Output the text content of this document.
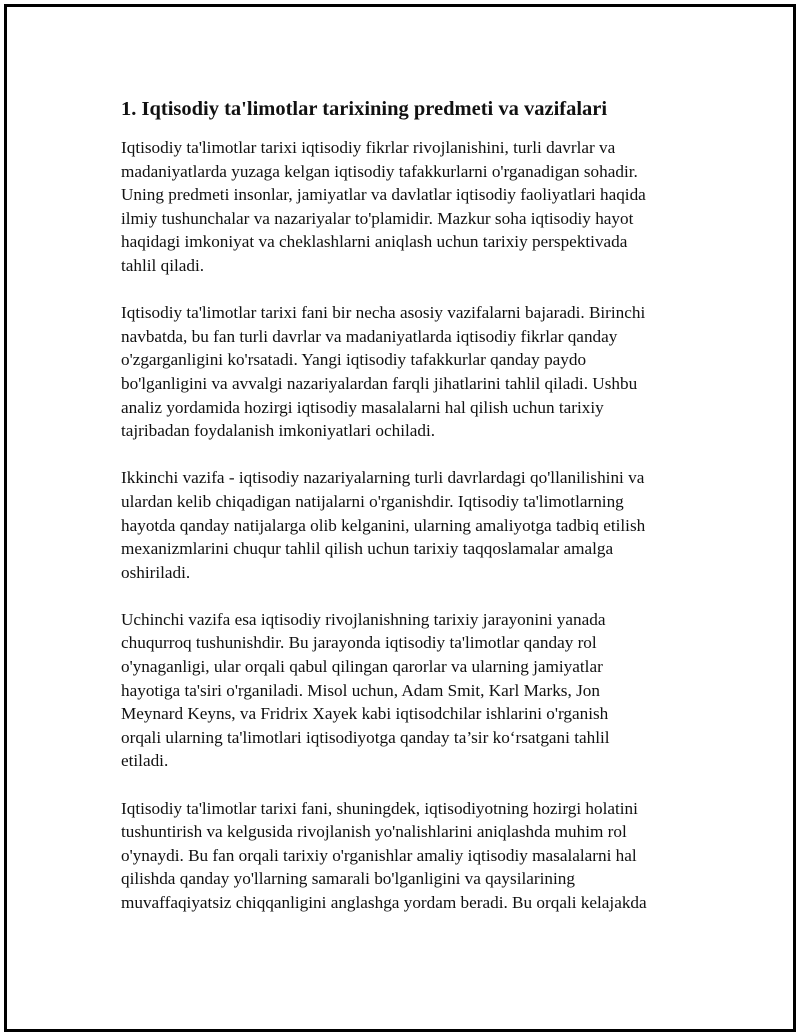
1. Iqtisodiy ta'limotlar tarixining predmeti va vazifalari

Iqtisodiy ta'limotlar tarixi iqtisodiy fikrlar rivojlanishini, turli davrlar va
madaniyatlarda yuzaga kelgan iqtisodiy tafakkurlarni o'rganadigan sohadir.
Uning predmeti insonlar, jamiyatlar va davlatlar iqtisodiy faoliyatlari haqida
ilmiy tushunchalar va nazariyalar to'plamidir. Mazkur soha iqtisodiy hayot
haqidagi imkoniyat va cheklashlarni aniqlash uchun tarixiy perspektivada
tahlil qiladi.

Iqtisodiy ta'limotlar tarixi fani bir necha asosiy vazifalarni bajaradi. Birinchi
navbatda, bu fan turli davrlar va madaniyatlarda iqtisodiy fikrlar qanday
o'zgarganligini ko'rsatadi. Yangi iqtisodiy tafakkurlar qanday paydo
bo'lganligini va avvalgi nazariyalardan farqli jihatlarini tahlil qiladi. Ushbu
analiz yordamida hozirgi iqtisodiy masalalarni hal qilish uchun tarixiy
tajribadan foydalanish imkoniyatlari ochiladi.

Ikkinchi vazifa - iqtisodiy nazariyalarning turli davrlardagi qo'llanilishini va
ulardan kelib chiqadigan natijalarni o'rganishdir. Iqtisodiy ta'limotlarning
hayotda qanday natijalarga olib kelganini, ularning amaliyotga tadbiq etilish
mexanizmlarini chuqur tahlil qilish uchun tarixiy taqqoslamalar amalga
oshiriladi.

Uchinchi vazifa esa iqtisodiy rivojlanishning tarixiy jarayonini yanada
chuqurroq tushunishdir. Bu jarayonda iqtisodiy ta'limotlar qanday rol
o'ynaganligi, ular orqali qabul qilingan qarorlar va ularning jamiyatlar
hayotiga ta'siri o'rganiladi. Misol uchun, Adam Smit, Karl Marks, Jon
Meynard Keyns, va Fridrix Xayek kabi iqtisodchilar ishlarini o'rganish
orqali ularning ta'limotlari iqtisodiyotga qanday ta’sir ko‘rsatgani tahlil
etiladi.

Iqtisodiy ta'limotlar tarixi fani, shuningdek, iqtisodiyotning hozirgi holatini
tushuntirish va kelgusida rivojlanish yo'nalishlarini aniqlashda muhim rol
o'ynaydi. Bu fan orqali tarixiy o'rganishlar amaliy iqtisodiy masalalarni hal
qilishda qanday yo'llarning samarali bo'lganligini va qaysilarining
muvaffaqiyatsiz chiqqanligini anglashga yordam beradi. Bu orqali kelajakda
